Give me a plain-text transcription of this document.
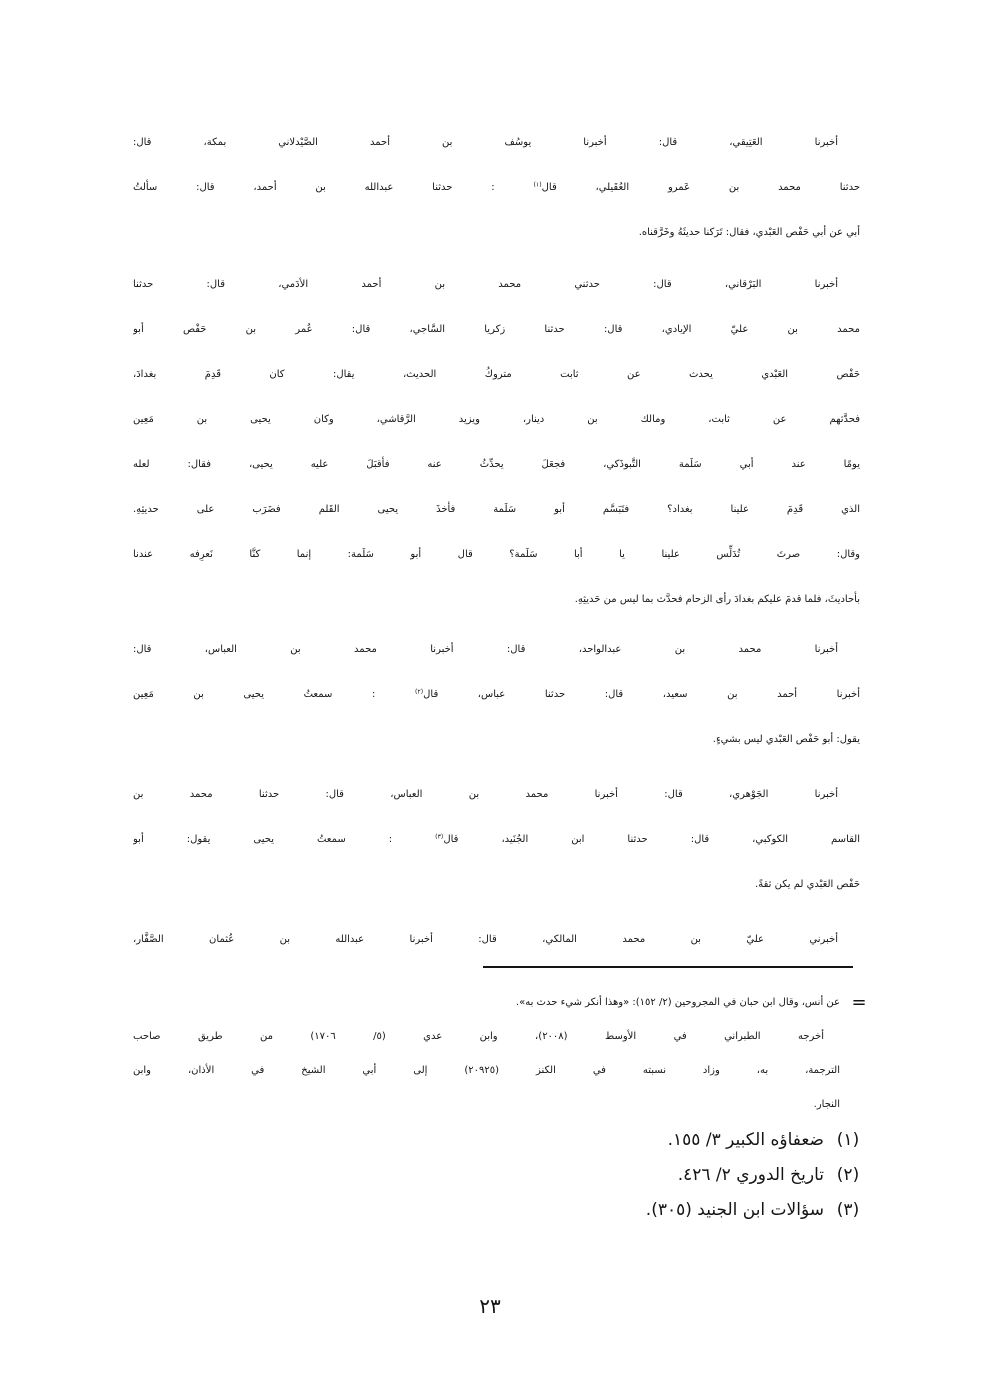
أخبرنا العَتِيقي، قال: أخبرنا يوسُف بن أحمد الصَّيْدلاني بمكة، قال:
حدثنا محمد بن عَمرو العُقَيلي، قال$^{(١)}$ : حدثنا عبدالله بن أحمد، قال: سألتُ
أبي عن أبي حَفْص العَبْدي، فقال: تَرَكنا حديثَهُ وخَرَّقناه.
أخبرنا البَرْقاني، قال: حدثني محمد بن أحمد الأدَمي، قال: حدثنا
محمد بن عليّ الإيادي، قال: حدثنا زكريا السَّاجي، قال: عُمر بن حَفْص أبو
حَفْص العَبْدي يحدث عن ثابت متروكُ الحديث، يقال: كان قَدِمَ بغدادَ،
فحدَّثهم عن ثابت، ومالك بن دينار، ويزيد الرَّقاشي، وكان يحيى بن مَعِين
يومًا عند أبي سَلَمة التَّبوذَكي، فجعَلَ يحدِّثُ عنه فأقبَلَ عليه يحيى، فقال: لعله
الذي قَدِمَ علينا بغداد؟ فتَبَسَّم أبو سَلَمة فأخذَ يحيى القَلم فضَرَب على حديثِهِ.
وقال: صرتَ تُدَلِّس علينا يا أبا سَلَمة؟ قال أبو سَلَمة: إنما كنَّا نَعرِفه عندنا
بأحاديثَ، فلما قدمَ عليكم بغدادَ رأى الزحام فحدَّث بما ليس من حَديثِهِ.
أخبرنا محمد بن عبدالواحد، قال: أخبرنا محمد بن العباس، قال:
أخبرنا أحمد بن سعيد، قال: حدثنا عباس، قال$^{(٢)}$ : سمعتُ يحيى بن مَعِين
يقول: أبو حَفْص العَبْدي ليس بشيءٍ.
أخبرنا الجَوْهري، قال: أخبرنا محمد بن العباس، قال: حدثنا محمد بن
القاسم الكوكبي، قال: حدثنا ابن الجُنَيد، قال$^{(٣)}$ : سمعتُ يحيى يقول: أبو
حَفْص العَبْدي لم يكن ثقةً.
أخبرني عليّ بن محمد المالكي، قال: أخبرنا عبدالله بن عُثمان الصَّفَّار،
=
عن أنس، وقال ابن حبان في المجروحين (٢/ ١٥٢): «وهذا أنكر شيء حدث به».
أخرجه الطبراني في الأوسط (٢٠٠٨)، وابن عدي (٥/ ١٧٠٦) من طريق صاحب
الترجمة، به، وزاد نسبته في الكنز (٢٠٩٢٥) إلى أبي الشيخ في الأذان، وابن
النجار.
(١)
ضعفاؤه الكبير ٣/ ١٥٥.
(٢)
تاريخ الدوري ٢/ ٤٢٦.
(٣)
سؤالات ابن الجنيد (٣٠٥).
٢٣
